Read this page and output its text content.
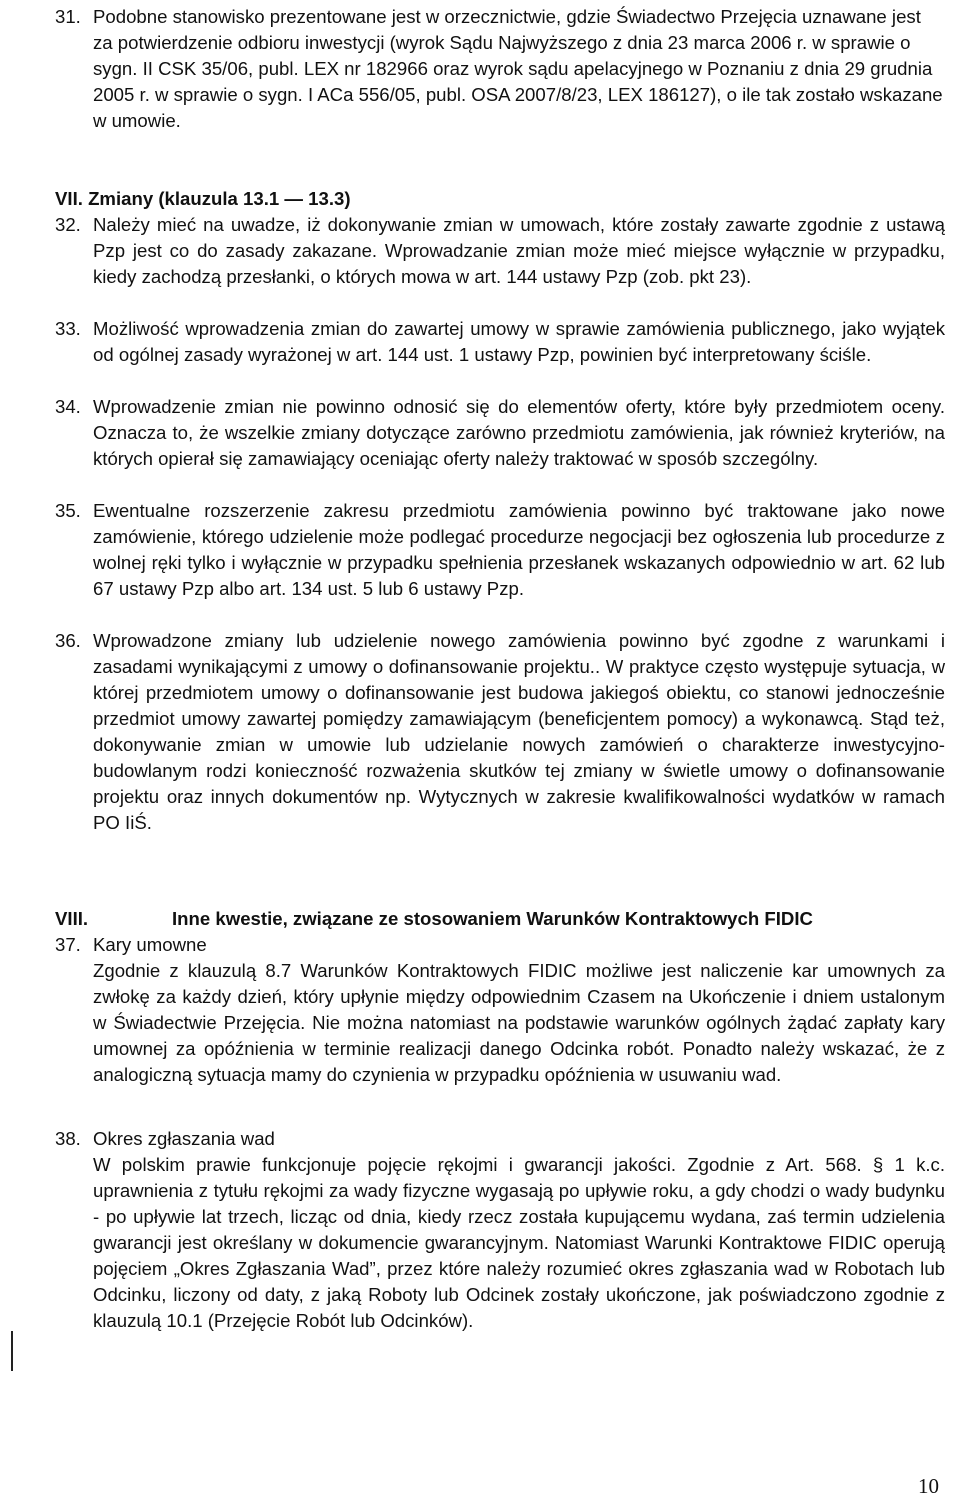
31. Podobne stanowisko prezentowane jest w orzecznictwie, gdzie Świadectwo Przejęcia uznawane jest za potwierdzenie odbioru inwestycji (wyrok Sądu Najwyższego z dnia 23 marca 2006 r. w sprawie o sygn. II CSK 35/06, publ. LEX nr 182966 oraz wyrok sądu apelacyjnego w Poznaniu z dnia 29 grudnia 2005 r. w sprawie o sygn. I ACa 556/05, publ. OSA 2007/8/23, LEX 186127), o ile tak zostało wskazane w umowie.
VII. Zmiany (klauzula 13.1 — 13.3)
32. Należy mieć na uwadze, iż dokonywanie zmian w umowach, które zostały zawarte zgodnie z ustawą Pzp jest co do zasady zakazane. Wprowadzanie zmian może mieć miejsce wyłącznie w przypadku, kiedy zachodzą przesłanki, o których mowa w art. 144 ustawy Pzp (zob. pkt 23).
33. Możliwość wprowadzenia zmian do zawartej umowy w sprawie zamówienia publicznego, jako wyjątek od ogólnej zasady wyrażonej w art. 144 ust. 1 ustawy Pzp, powinien być interpretowany ściśle.
34. Wprowadzenie zmian nie powinno odnosić się do elementów oferty, które były przedmiotem oceny. Oznacza to, że wszelkie zmiany dotyczące zarówno przedmiotu zamówienia, jak również kryteriów, na których opierał się zamawiający oceniając oferty należy traktować w sposób szczególny.
35. Ewentualne rozszerzenie zakresu przedmiotu zamówienia powinno być traktowane jako nowe zamówienie, którego udzielenie może podlegać procedurze negocjacji bez ogłoszenia lub procedurze z wolnej ręki tylko i wyłącznie w przypadku spełnienia przesłanek wskazanych odpowiednio w art. 62 lub 67 ustawy Pzp albo art. 134 ust. 5 lub 6 ustawy Pzp.
36. Wprowadzone zmiany lub udzielenie nowego zamówienia powinno być zgodne z warunkami i zasadami wynikającymi z umowy o dofinansowanie projektu.. W praktyce często występuje sytuacja, w której przedmiotem umowy o dofinansowanie jest budowa jakiegoś obiektu, co stanowi jednocześnie przedmiot umowy zawartej pomiędzy zamawiającym (beneficjentem pomocy) a wykonawcą. Stąd też, dokonywanie zmian w umowie lub udzielanie nowych zamówień o charakterze inwestycyjno-budowlanym rodzi konieczność rozważenia skutków tej zmiany w świetle umowy o dofinansowanie projektu oraz innych dokumentów np. Wytycznych w zakresie kwalifikowalności wydatków w ramach PO IiŚ.
VIII.	Inne kwestie, związane ze stosowaniem Warunków Kontraktowych FIDIC
37. Kary umowne
Zgodnie z klauzulą 8.7 Warunków Kontraktowych FIDIC możliwe jest naliczenie kar umownych za zwłokę za każdy dzień, który upłynie między odpowiednim Czasem na Ukończenie i dniem ustalonym w Świadectwie Przejęcia. Nie można natomiast na podstawie warunków ogólnych żądać zapłaty kary umownej za opóźnienia w terminie realizacji danego Odcinka robót. Ponadto należy wskazać, że z analogiczną sytuacja mamy do czynienia w przypadku opóźnienia w usuwaniu wad.
38. Okres zgłaszania wad
W polskim prawie funkcjonuje pojęcie rękojmi i gwarancji jakości. Zgodnie z Art. 568. § 1 k.c. uprawnienia z tytułu rękojmi za wady fizyczne wygasają po upływie roku, a gdy chodzi o wady budynku - po upływie lat trzech, licząc od dnia, kiedy rzecz została kupującemu wydana, zaś termin udzielenia gwarancji jest określany w dokumencie gwarancyjnym. Natomiast Warunki Kontraktowe FIDIC operują pojęciem „Okres Zgłaszania Wad”, przez które należy rozumieć okres zgłaszania wad w Robotach lub Odcinku, liczony od daty, z jaką Roboty lub Odcinek zostały ukończone, jak poświadczono zgodnie z klauzulą 10.1 (Przejęcie Robót lub Odcinków).
10
